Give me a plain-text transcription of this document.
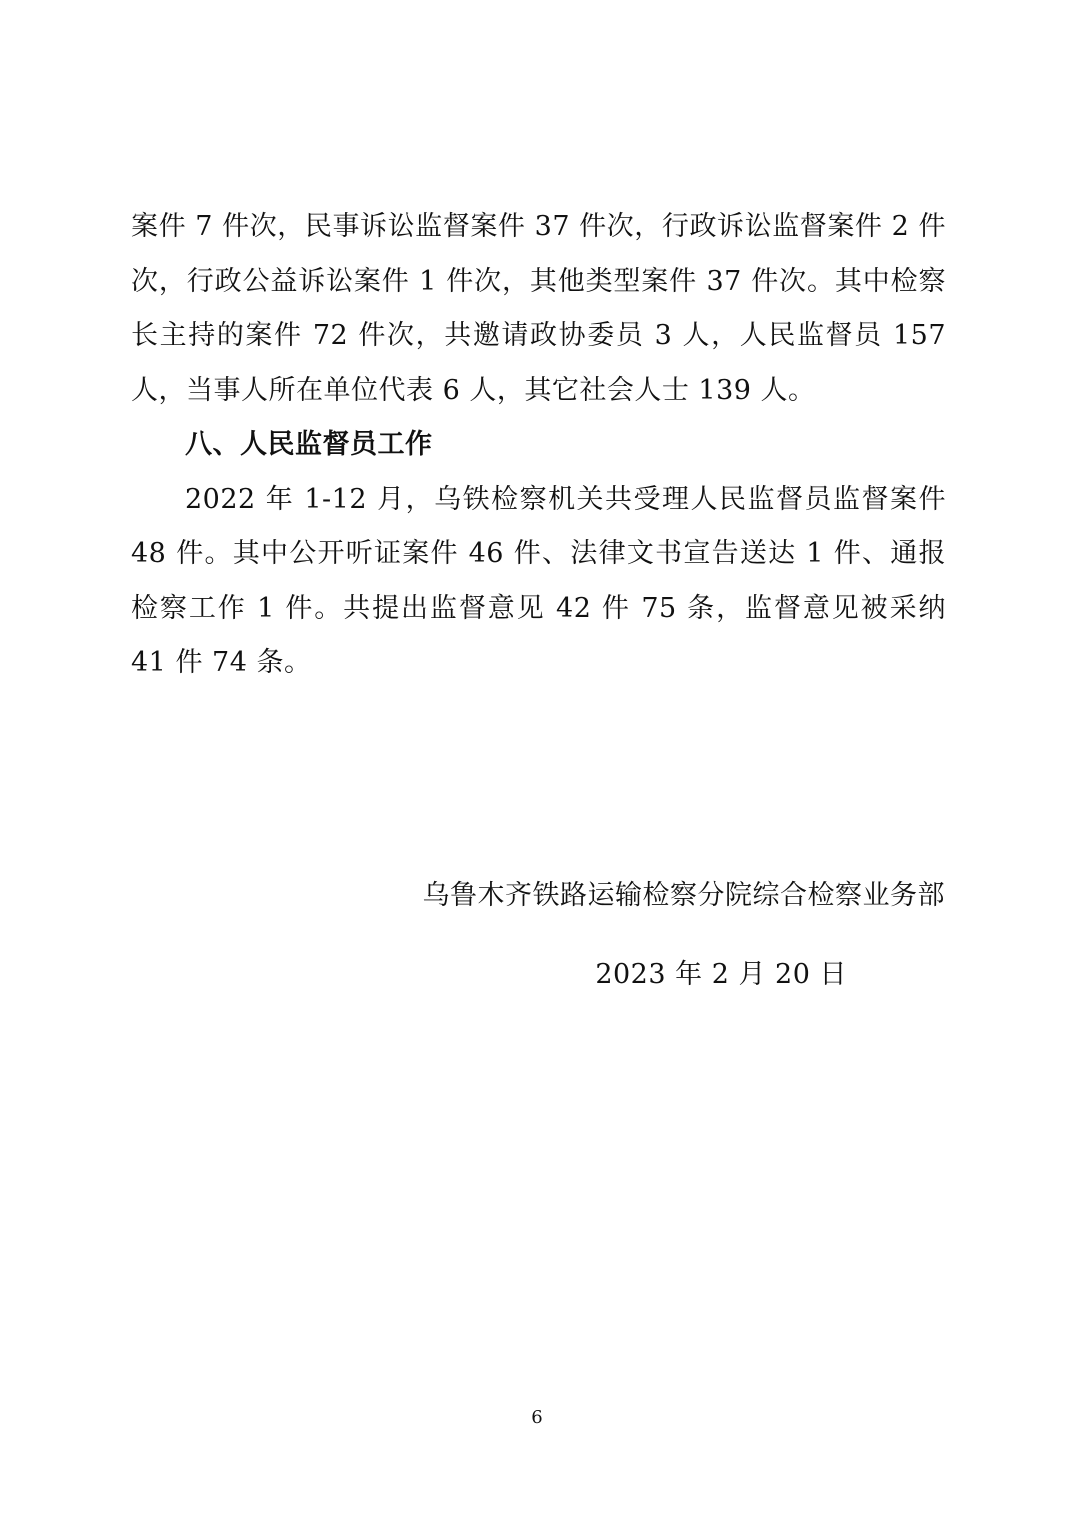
案件 7 件次，民事诉讼监督案件 37 件次，行政诉讼监督案件 2 件次，行政公益诉讼案件 1 件次，其他类型案件 37 件次。其中检察长主持的案件 72 件次，共邀请政协委员 3 人，人民监督员 157 人，当事人所在单位代表 6 人，其它社会人士 139 人。

八、人民监督员工作

2022 年 1-12 月，乌铁检察机关共受理人民监督员监督案件 48 件。其中公开听证案件 46 件、法律文书宣告送达 1 件、通报检察工作 1 件。共提出监督意见 42 件 75 条，监督意见被采纳 41 件 74 条。

乌鲁木齐铁路运输检察分院综合检察业务部
2023 年 2 月 20 日
6
